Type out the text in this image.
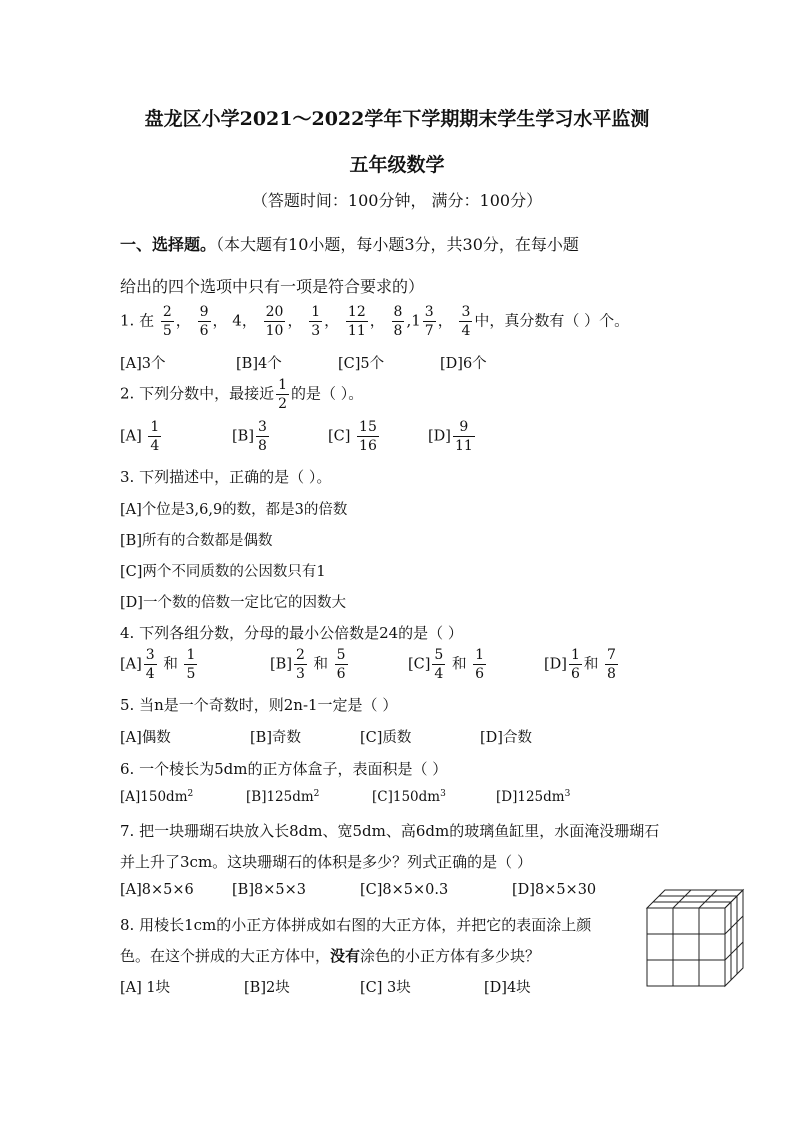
盘龙区小学2021～2022学年下学期期末学生学习水平监测
五年级数学
（答题时间：100分钟， 满分：100分）
一、选择题。（本大题有10小题，每小题3分，共30分，在每小题
给出的四个选项中只有一项是符合要求的）
1. 在 $\frac{2}{5}$ ， $\frac{9}{6}$ ， 4， $\frac{20}{10}$ ， $\frac{1}{3}$ ， $\frac{12}{11}$ ， $\frac{8}{8} ,1 \frac{3}{7}$ ， $\frac{3}{4}$ 中，真分数有（ ）个。
[A]3个	[B]4个	[C]5个	[D]6个
2. 下列分数中，最接近 $\frac{1}{2}$ 的是（ ）。
$[A] \frac{1}{4}$	$[B] \frac{3}{8}$	$[C] \frac{15}{16}$	$[D] \frac{9}{11}$
3. 下列描述中，正确的是（ ）。
[A]个位是3,6,9的数，都是3的倍数
[B]所有的合数都是偶数
[C]两个不同质数的公因数只有1
[D]一个数的倍数一定比它的因数大
4. 下列各组分数，分母的最小公倍数是24的是（ ）
$[A] \frac{3}{4}$ 和 $\frac{1}{5}$	$[B] \frac{2}{3}$ 和 $\frac{5}{6}$	$[C] \frac{5}{4}$ 和 $\frac{1}{6}$	$[D] \frac{1}{6}$ 和 $\frac{7}{8}$
5. 当n是一个奇数时，则2n-1一定是（ ）
[A]偶数	[B]奇数	[C]质数	[D]合数
6. 一个棱长为5dm的正方体盒子，表面积是（ ）
$[A]150dm^2$	$[B]125dm^2$	$[C]150dm^3$	$[D]125dm^3$
7. 把一块珊瑚石块放入长8dm、宽5dm、高6dm的玻璃鱼缸里，水面淹没珊瑚石
并上升了3cm。这块珊瑚石的体积是多少？列式正确的是（ ）
[A]8×5×6	[B]8×5×3	[C]8×5×0.3	[D]8×5×30
8. 用棱长1cm的小正方体拼成如右图的大正方体，并把它的表面涂上颜
色。在这个拼成的大正方体中，没有涂色的小正方体有多少块？
[A] 1块	[B]2块	[C] 3块	[D]4块
